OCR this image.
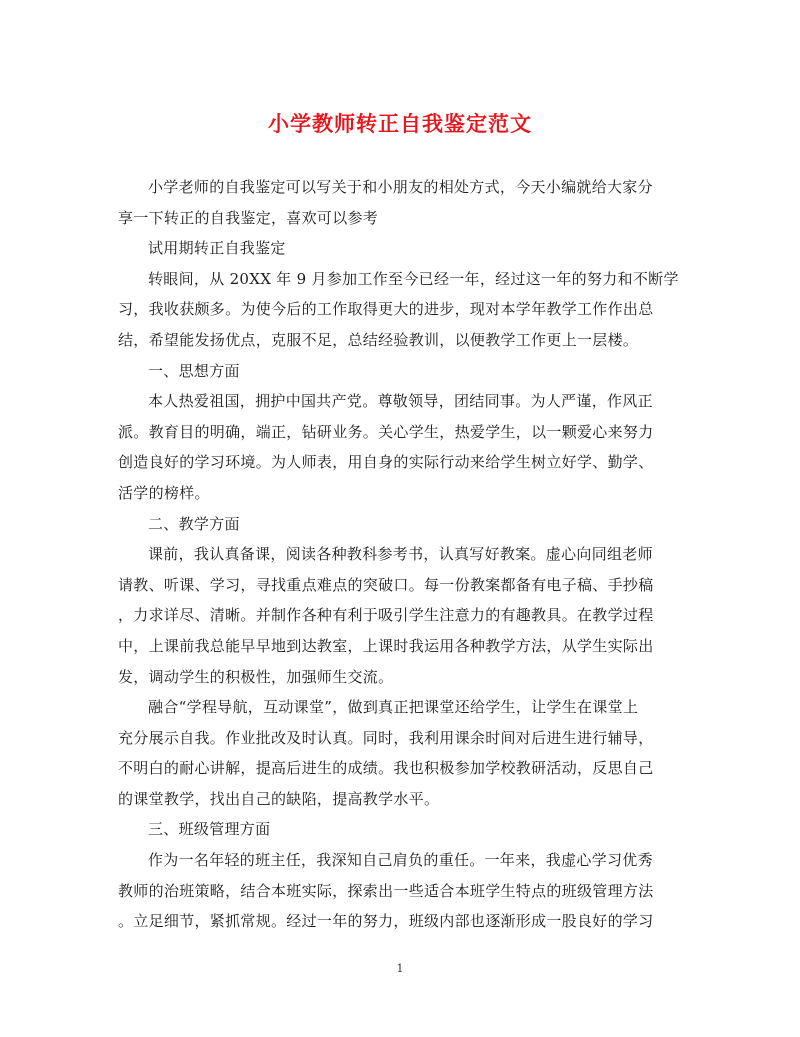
小学教师转正自我鉴定范文
小学老师的自我鉴定可以写关于和小朋友的相处方式，今天小编就给大家分
享一下转正的自我鉴定，喜欢可以参考
试用期转正自我鉴定
转眼间，从 20XX 年 9 月参加工作至今已经一年，经过这一年的努力和不断学
习，我收获颇多。为使今后的工作取得更大的进步，现对本学年教学工作作出总
结，希望能发扬优点，克服不足，总结经验教训，以便教学工作更上一层楼。
一、思想方面
本人热爱祖国，拥护中国共产党。尊敬领导，团结同事。为人严谨，作风正
派。教育目的明确，端正，钻研业务。关心学生，热爱学生，以一颗爱心来努力
创造良好的学习环境。为人师表，用自身的实际行动来给学生树立好学、勤学、
活学的榜样。
二、教学方面
课前，我认真备课，阅读各种教科参考书，认真写好教案。虚心向同组老师
请教、听课、学习，寻找重点难点的突破口。每一份教案都备有电子稿、手抄稿
，力求详尽、清晰。并制作各种有利于吸引学生注意力的有趣教具。在教学过程
中，上课前我总能早早地到达教室，上课时我运用各种教学方法，从学生实际出
发，调动学生的积极性，加强师生交流。
融合“学程导航，互动课堂”，做到真正把课堂还给学生，让学生在课堂上
充分展示自我。作业批改及时认真。同时，我利用课余时间对后进生进行辅导，
不明白的耐心讲解，提高后进生的成绩。我也积极参加学校教研活动，反思自己
的课堂教学，找出自己的缺陷，提高教学水平。
三、班级管理方面
作为一名年轻的班主任，我深知自己肩负的重任。一年来，我虚心学习优秀
教师的治班策略，结合本班实际，探索出一些适合本班学生特点的班级管理方法
。立足细节，紧抓常规。经过一年的努力，班级内部也逐渐形成一股良好的学习
1
